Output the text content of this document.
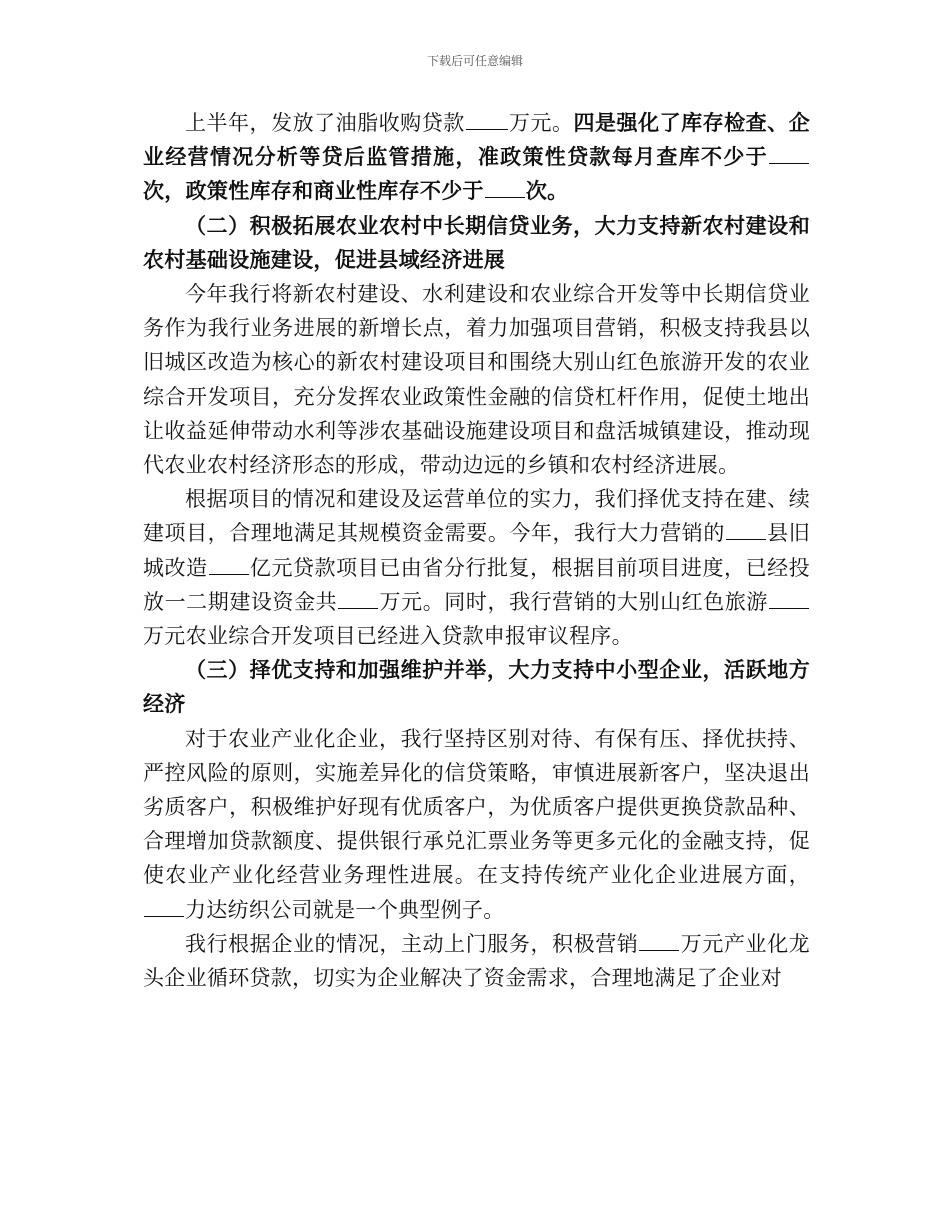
下载后可任意编辑

上半年，发放了油脂收购贷款 万元。四是强化了库存检查、企业经营情况分析等贷后监管措施，准政策性贷款每月查库不少于次，政策性库存和商业性库存不少于 次。

（二）积极拓展农业农村中长期信贷业务，大力支持新农村建设和农村基础设施建设，促进县域经济进展

今年我行将新农村建设、水利建设和农业综合开发等中长期信贷业务作为我行业务进展的新增长点，着力加强项目营销，积极支持我县以旧城区改造为核心的新农村建设项目和围绕大别山红色旅游开发的农业综合开发项目，充分发挥农业政策性金融的信贷杠杆作用，促使土地出让收益延伸带动水利等涉农基础设施建设项目和盘活城镇建设，推动现代农业农村经济形态的形成，带动边远的乡镇和农村经济进展。

根据项目的情况和建设及运营单位的实力，我们择优支持在建、续建项目，合理地满足其规模资金需要。今年，我行大力营销的 县旧城改造 亿元贷款项目已由省分行批复，根据目前项目进度，已经投放一二期建设资金共 万元。同时，我行营销的大别山红色旅游万元农业综合开发项目已经进入贷款申报审议程序。

（三）择优支持和加强维护并举，大力支持中小型企业，活跃地方经济

对于农业产业化企业，我行坚持区别对待、有保有压、择优扶持、严控风险的原则，实施差异化的信贷策略，审慎进展新客户，坚决退出劣质客户，积极维护好现有优质客户，为优质客户提供更换贷款品种、合理增加贷款额度、提供银行承兑汇票业务等更多元化的金融支持，促使农业产业化经营业务理性进展。在支持传统产业化企业进展方面，力达纺织公司就是一个典型例子。

我行根据企业的情况，主动上门服务，积极营销 万元产业化龙头企业循环贷款，切实为企业解决了资金需求，合理地满足了企业对
